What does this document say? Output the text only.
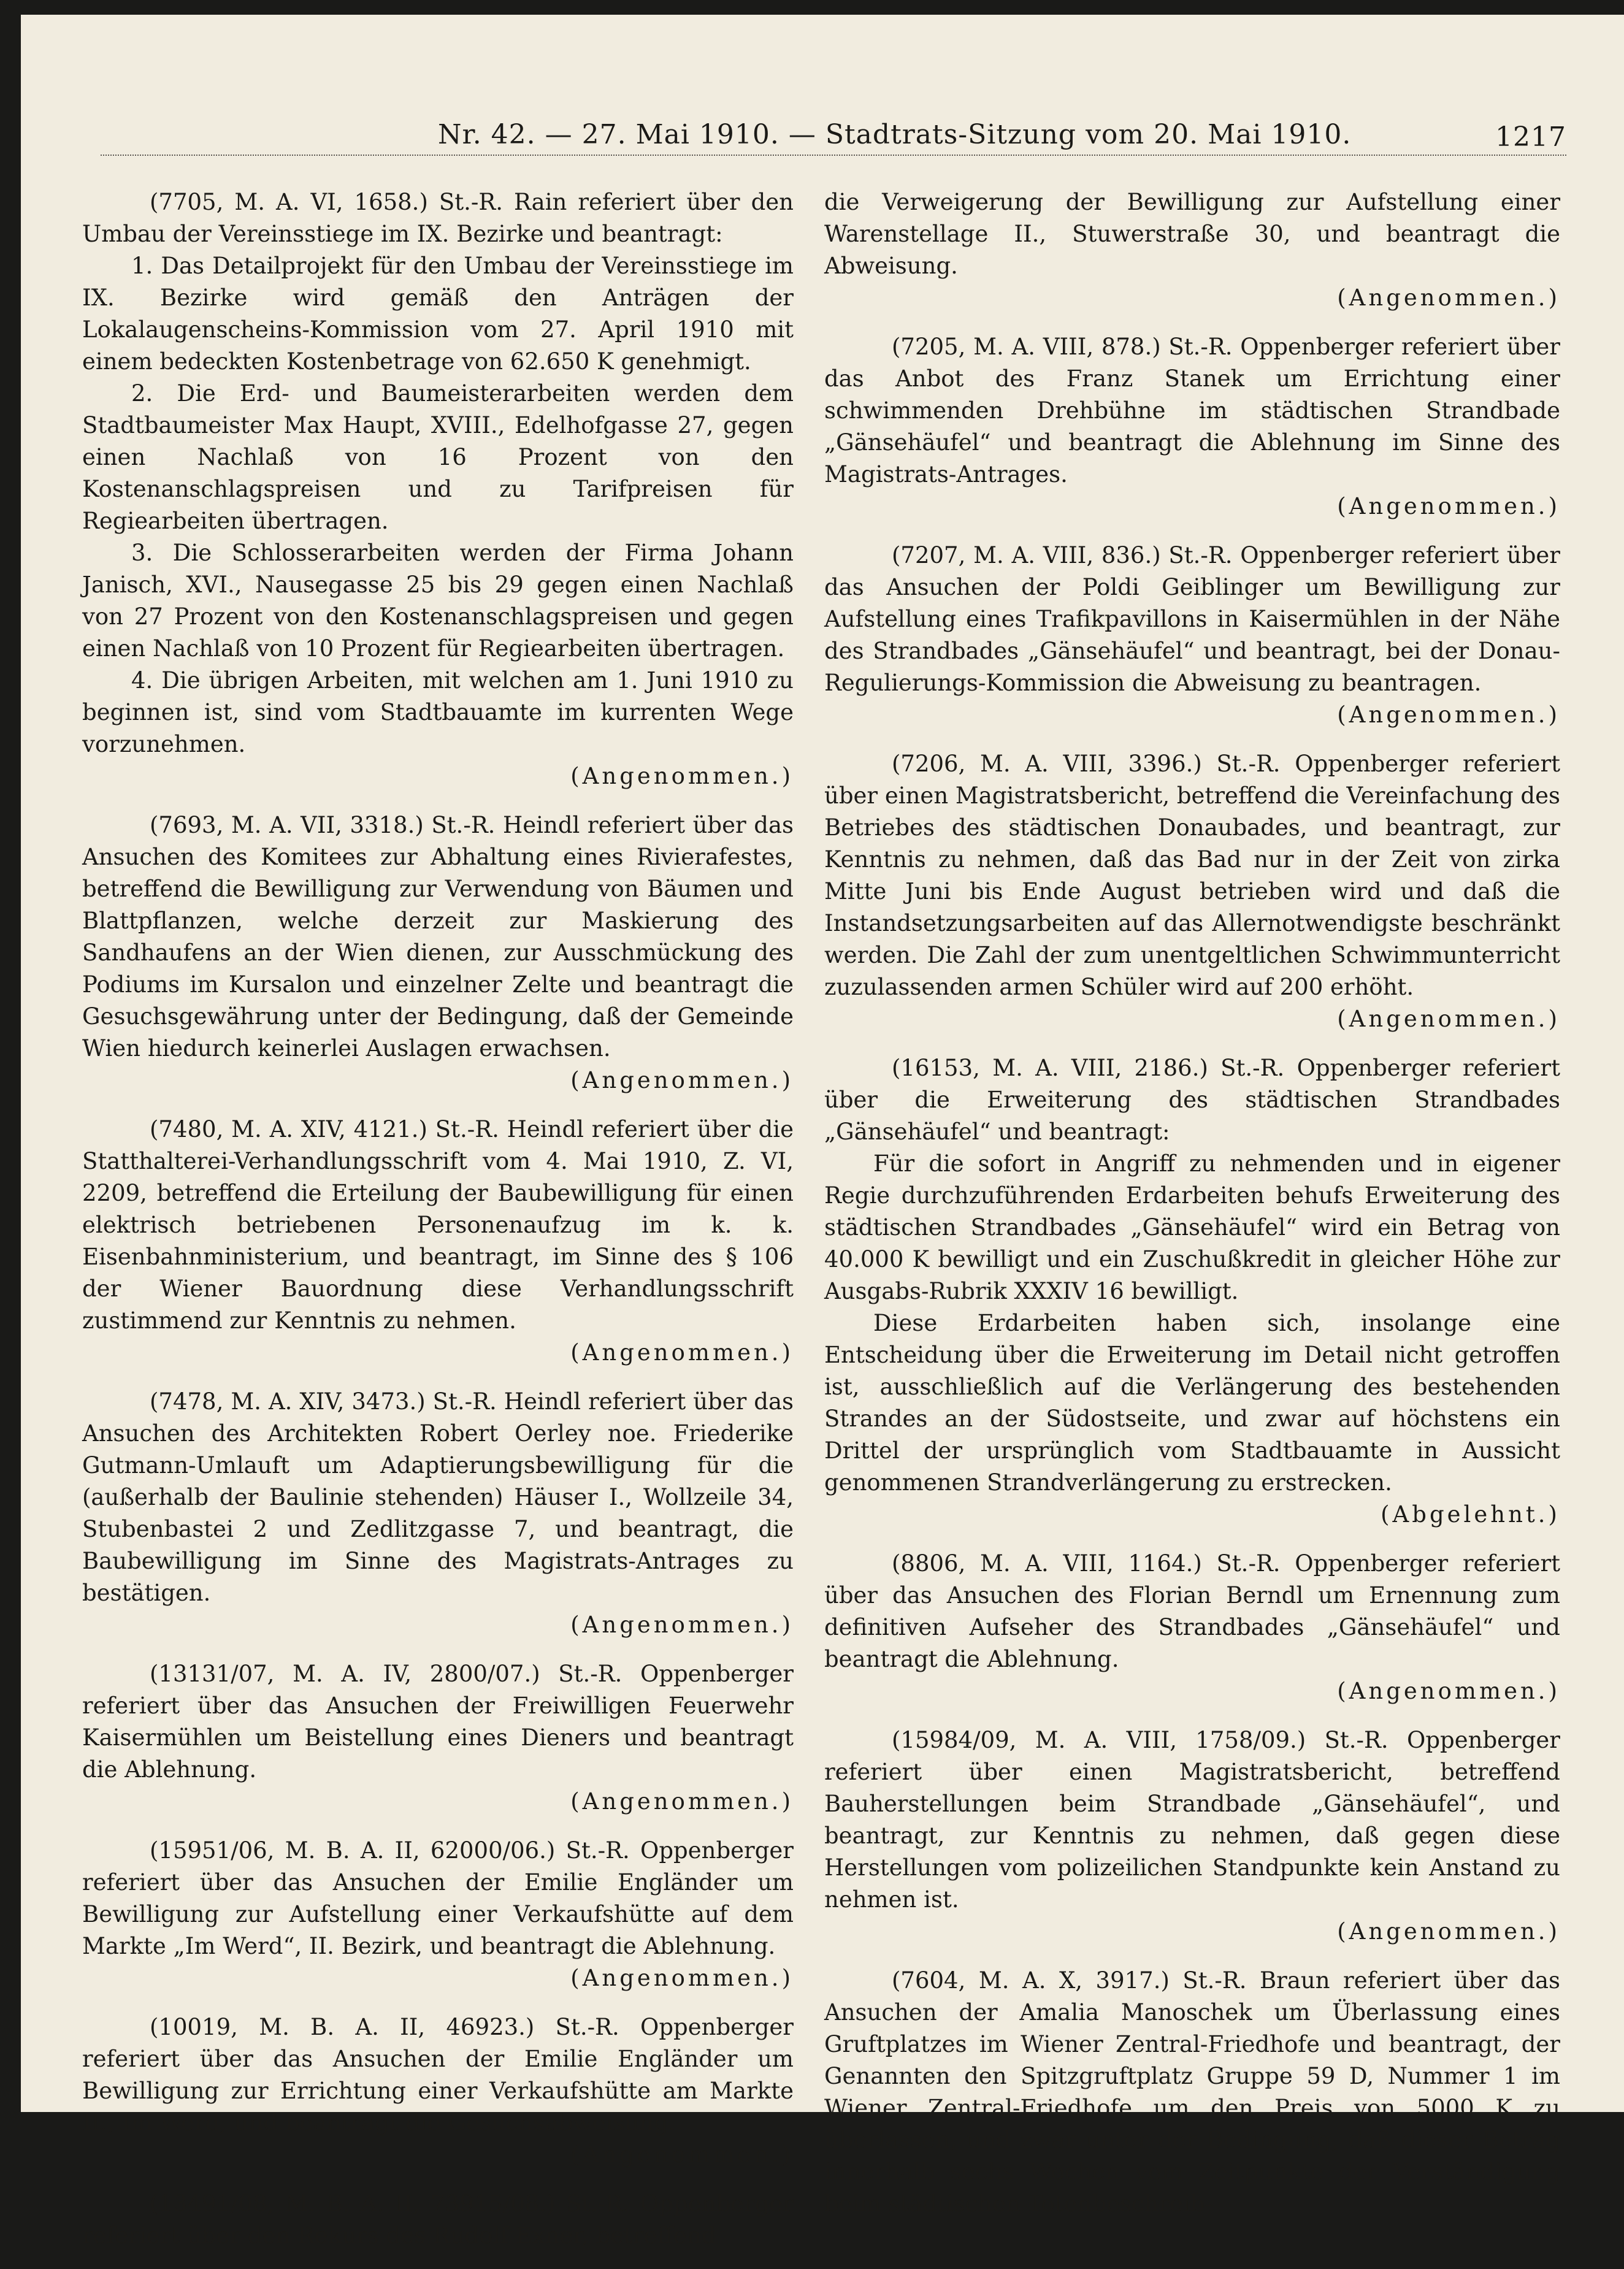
Nr. 42. — 27. Mai 1910. — Stadtrats-Sitzung vom 20. Mai 1910.	1217

(7705, M. A. VI, 1658.) St.-R. Rain referiert über den Umbau der Vereinsstiege im IX. Bezirke und beantragt:

1. Das Detailprojekt für den Umbau der Vereinsstiege im IX. Bezirke wird gemäß den Anträgen der Lokalaugenscheins-Kommission vom 27. April 1910 mit einem bedeckten Kostenbetrage von 62.650 K genehmigt.

2. Die Erd- und Baumeisterarbeiten werden dem Stadtbaumeister Max Haupt, XVIII., Edelhofgasse 27, gegen einen Nachlaß von 16 Prozent von den Kostenanschlagspreisen und zu Tarifpreisen für Regiearbeiten übertragen.

3. Die Schlosserarbeiten werden der Firma Johann Janisch, XVI., Nausegasse 25 bis 29 gegen einen Nachlaß von 27 Prozent von den Kostenanschlagspreisen und gegen einen Nachlaß von 10 Prozent für Regiearbeiten übertragen.

4. Die übrigen Arbeiten, mit welchen am 1. Juni 1910 zu beginnen ist, sind vom Stadtbauamte im kurrenten Wege vorzunehmen.

(Angenommen.)

(7693, M. A. VII, 3318.) St.-R. Heindl referiert über das Ansuchen des Komitees zur Abhaltung eines Rivierafestes, betreffend die Bewilligung zur Verwendung von Bäumen und Blattpflanzen, welche derzeit zur Maskierung des Sandhaufens an der Wien dienen, zur Ausschmückung des Podiums im Kursalon und einzelner Zelte und beantragt die Gesuchsgewährung unter der Bedingung, daß der Gemeinde Wien hiedurch keinerlei Auslagen erwachsen.

(Angenommen.)

(7480, M. A. XIV, 4121.) St.-R. Heindl referiert über die Statthalterei-Verhandlungsschrift vom 4. Mai 1910, Z. VI, 2209, betreffend die Erteilung der Baubewilligung für einen elektrisch betriebenen Personenaufzug im k. k. Eisenbahnministerium, und beantragt, im Sinne des § 106 der Wiener Bauordnung diese Verhandlungsschrift zustimmend zur Kenntnis zu nehmen.

(Angenommen.)

(7478, M. A. XIV, 3473.) St.-R. Heindl referiert über das Ansuchen des Architekten Robert Oerley noe. Friederike Gutmann-Umlauft um Adaptierungsbewilligung für die (außerhalb der Baulinie stehenden) Häuser I., Wollzeile 34, Stubenbastei 2 und Zedlitzgasse 7, und beantragt, die Baubewilligung im Sinne des Magistrats-Antrages zu bestätigen.

(Angenommen.)

(13131/07, M. A. IV, 2800/07.) St.-R. Oppenberger referiert über das Ansuchen der Freiwilligen Feuerwehr Kaisermühlen um Beistellung eines Dieners und beantragt die Ablehnung.

(Angenommen.)

(15951/06, M. B. A. II, 62000/06.) St.-R. Oppenberger referiert über das Ansuchen der Emilie Engländer um Bewilligung zur Aufstellung einer Verkaufshütte auf dem Markte „Im Werd“, II. Bezirk, und beantragt die Ablehnung.

(Angenommen.)

(10019, M. B. A. II, 46923.) St.-R. Oppenberger referiert über das Ansuchen der Emilie Engländer um Bewilligung zur Errichtung einer Verkaufshütte am Markte II., Im Werd, und beantragt die Gesuchsabweisung.

(Angenommen.)

(13491/08, M. B. A. II, 73915/08.) St.-R. Oppenberger referiert über den Rekurs des Rudolf Exner, betreffend

die Verweigerung der Bewilligung zur Aufstellung einer Warenstellage II., Stuwerstraße 30, und beantragt die Abweisung.

(Angenommen.)

(7205, M. A. VIII, 878.) St.-R. Oppenberger referiert über das Anbot des Franz Stanek um Errichtung einer schwimmenden Drehbühne im städtischen Strandbade „Gänsehäufel“ und beantragt die Ablehnung im Sinne des Magistrats-Antrages.

(Angenommen.)

(7207, M. A. VIII, 836.) St.-R. Oppenberger referiert über das Ansuchen der Poldi Geiblinger um Bewilligung zur Aufstellung eines Trafikpavillons in Kaisermühlen in der Nähe des Strandbades „Gänsehäufel“ und beantragt, bei der Donau-Regulierungs-Kommission die Abweisung zu beantragen.

(Angenommen.)

(7206, M. A. VIII, 3396.) St.-R. Oppenberger referiert über einen Magistratsbericht, betreffend die Vereinfachung des Betriebes des städtischen Donaubades, und beantragt, zur Kenntnis zu nehmen, daß das Bad nur in der Zeit von zirka Mitte Juni bis Ende August betrieben wird und daß die Instandsetzungsarbeiten auf das Allernotwendigste beschränkt werden. Die Zahl der zum unentgeltlichen Schwimmunterricht zuzulassenden armen Schüler wird auf 200 erhöht.

(Angenommen.)

(16153, M. A. VIII, 2186.) St.-R. Oppenberger referiert über die Erweiterung des städtischen Strandbades „Gänsehäufel“ und beantragt:

Für die sofort in Angriff zu nehmenden und in eigener Regie durchzuführenden Erdarbeiten behufs Erweiterung des städtischen Strandbades „Gänsehäufel“ wird ein Betrag von 40.000 K bewilligt und ein Zuschußkredit in gleicher Höhe zur Ausgabs-Rubrik XXXIV 16 bewilligt.

Diese Erdarbeiten haben sich, insolange eine Entscheidung über die Erweiterung im Detail nicht getroffen ist, ausschließlich auf die Verlängerung des bestehenden Strandes an der Südostseite, und zwar auf höchstens ein Drittel der ursprünglich vom Stadtbauamte in Aussicht genommenen Strandverlängerung zu erstrecken.

(Abgelehnt.)

(8806, M. A. VIII, 1164.) St.-R. Oppenberger referiert über das Ansuchen des Florian Berndl um Ernennung zum definitiven Aufseher des Strandbades „Gänsehäufel“ und beantragt die Ablehnung.

(Angenommen.)

(15984/09, M. A. VIII, 1758/09.) St.-R. Oppenberger referiert über einen Magistratsbericht, betreffend Bauherstellungen beim Strandbade „Gänsehäufel“, und beantragt, zur Kenntnis zu nehmen, daß gegen diese Herstellungen vom polizeilichen Standpunkte kein Anstand zu nehmen ist.

(Angenommen.)

(7604, M. A. X, 3917.) St.-R. Braun referiert über das Ansuchen der Amalia Manoschek um Überlassung eines Gruftplatzes im Wiener Zentral-Friedhofe und beantragt, der Genannten den Spitzgruftplatz Gruppe 59 D, Nummer 1 im Wiener Zentral-Friedhofe um den Preis von 5000 K zu überlassen, und zwar unter der Bedingung, daß dieser Betrag innerhalb sechs Wochen vom Zeitpunkte der Verständigung beim städtischen Totenbeschreib-
